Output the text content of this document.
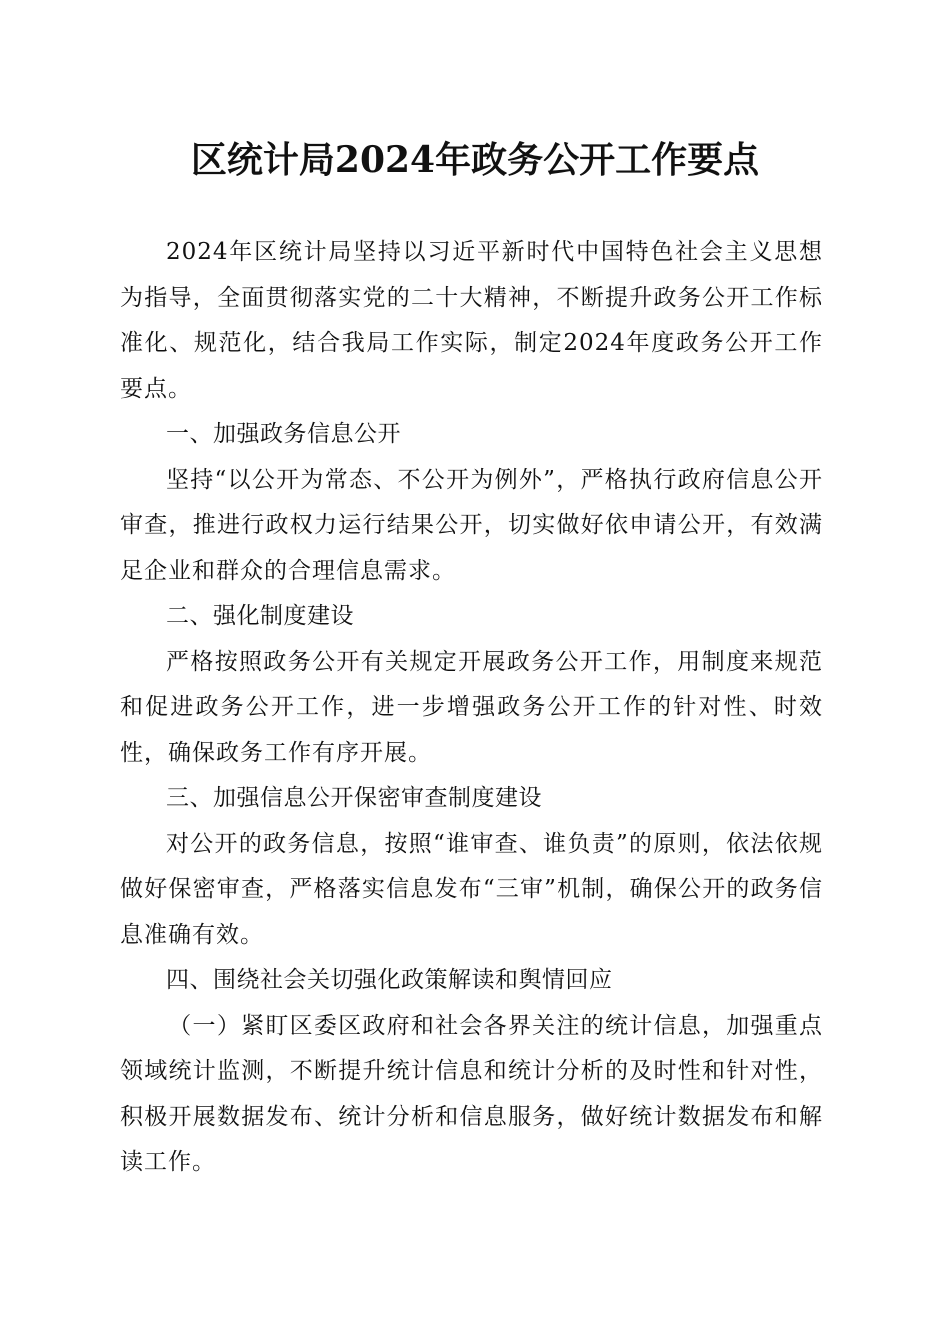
区统计局2024年政务公开工作要点

2024年区统计局坚持以习近平新时代中国特色社会主义思想为指导，全面贯彻落实党的二十大精神，不断提升政务公开工作标准化、规范化，结合我局工作实际，制定2024年度政务公开工作要点。

一、加强政务信息公开

坚持“以公开为常态、不公开为例外”，严格执行政府信息公开审查，推进行政权力运行结果公开，切实做好依申请公开，有效满足企业和群众的合理信息需求。

二、强化制度建设

严格按照政务公开有关规定开展政务公开工作，用制度来规范和促进政务公开工作，进一步增强政务公开工作的针对性、时效性，确保政务工作有序开展。

三、加强信息公开保密审查制度建设

对公开的政务信息，按照“谁审查、谁负责”的原则，依法依规做好保密审查，严格落实信息发布“三审”机制，确保公开的政务信息准确有效。

四、围绕社会关切强化政策解读和舆情回应

（一）紧盯区委区政府和社会各界关注的统计信息，加强重点领域统计监测，不断提升统计信息和统计分析的及时性和针对性，积极开展数据发布、统计分析和信息服务，做好统计数据发布和解读工作。
